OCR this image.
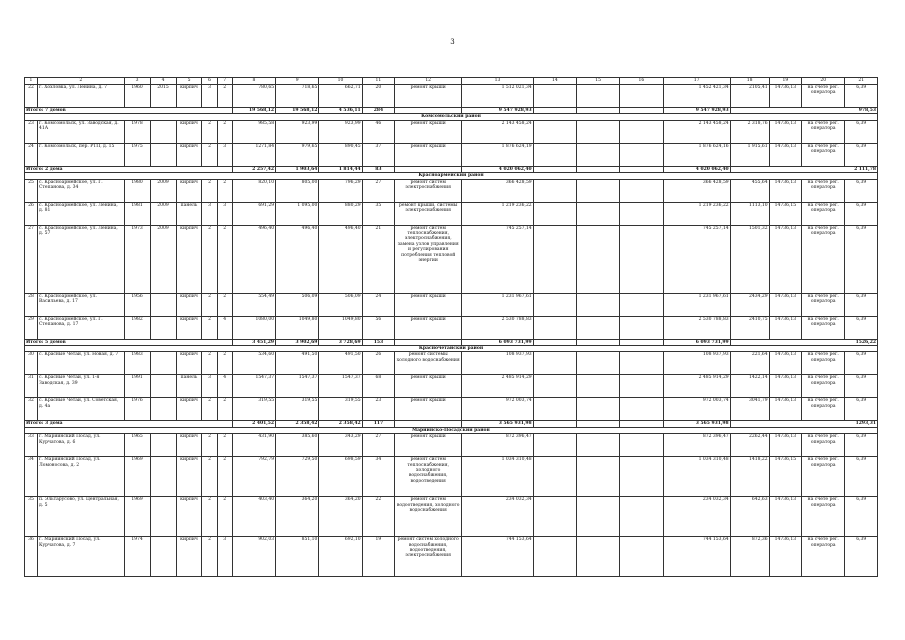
3
1	2	3	4	5	6	7	8	9	10	11	12	13	14	15	16	17	18	19	20	21
22	г. Хохловка, ул. Ленина, д. 7	1960	2015	кирпич	3	2	780,65	718,65	662,71	20	ремонт крыши	1 512 021,34				1 452 421,34	2105,41	14736,13	на счете рег. оператора	6,39
Итого: 7 домов							19 568,12	19 568,12	4 536,11	284		9 547 928,93				9 547 928,93	978,53			
Комсомольский район																				
23	г. Комсомольск, ул. Заводская, д. 41А	1978		кирпич	2	2	985,58	923,99	923,99	46	ремонт крыши	2 143 458,24				2 143 458,24	2 318,76	14736,13	на счете рег. оператора	6,39
24	г. Комсомольск, пер. РТП, д. 15	1975		кирпич	2	3	1271,84	979,65	890,45	37	ремонт крыши	1 876 624,19				1 876 624,16	1 915,61	14736,13	на счете рег. оператора	6,39
Итого: 2 дома							2 257,42	1 903,64	1 814,44	83		4 020 062,40				4 020 062,40	2 111,78			
Красноармейский район																				
25	с. Красноармейское, ул. Г. Степанова, д. 34	1980	2009	кирпич	2	2	820,10	805,00	796,29	27	ремонт систем электроснабжения	366 428,59				366 428,59	455,64	14736,13	на счете рег. оператора	6,39
26	с. Красноармейское, ул. Ленина, д. 81	1981	2009	панель	3	3	691,29	1 095,00	880,29	35	ремонт крыши, системы электроснабжения	1 219 236,22				1 219 236,22	1113,10	14736,15	на счете рег. оператора	6,39
27	с. Красноармейское, ул. Ленина, д. 57	1973	2009	кирпич	2	2	496,40	496,40	496,40	21	ремонт систем теплоснабжения, электроснабжения, замена узлов управления и регулирования потребления тепловой энергии	745 257,14				745 257,14	1501,32	14736,13	на счете рег. оператора	6,39
28	с. Красноармейское, ул. Васильева, д. 17	1956		кирпич	2	2	554,49	506,09	506,09	24	ремонт крыши	1 231 967,61				1 231 967,61	2434,29	14736,13	на счете рег. оператора	6,39
29	с. Красноармейское, ул. Г. Степанова, д. 17	1982		кирпич	2	4	1080,00	1049,80	1049,80	56	ремонт крыши	2 530 788,83				2 530 788,83	2410,75	14736,13	на счете рег. оператора	6,39
Итого: 5 домов							3 451,29	3 902,69	3 728,69	153		6 093 731,99				6 093 731,99	1526,22			
Красночетайский район																				
30	с. Красные Четаи, ул. Новая, д. 7	1983		кирпич	2	2	534,60	491,50	491,50	26	ремонт системы холодного водоснабжения	108 937,93				108 937,93	221,64	14736,13	на счете рег. оператора	6,39
31	с. Красные Четаи, ул. 1-я Заводская, д. 39	1991		панель	3	4	1547,37	1547,37	1547,37	68	ремонт крыши	2 485 914,29				2 485 914,29	1422,14	14736,13	на счете рег. оператора	6,39
32	с. Красные Четаи, ул. Советская, д. 4а	1976		кирпич	2	2	319,55	319,55	319,55	23	ремонт крыши	972 003,74				972 003,74	3041,79	14736,13	на счете рег. оператора	6,39
Итого: 3 дома							2 401,52	2 358,42	2 358,42	117		3 565 931,98				3 565 931,98	1293,31			
Мариинско-Посадский район																				
33	г. Мариинский Посад, ул. Курчатова, д. 6	1965		кирпич	2	2	431,90	385,60	343,29	27	ремонт крыши	872 396,47				872 396,47	2262,44	14736,13	на счете рег. оператора	6,39
34	г. Мариинский Посад, ул. Ломоносова, д. 2	1969		кирпич	2	2	792,79	729,50	698,59	34	ремонт систем теплоснабжения, холодного водоснабжения, водоотведения	1 034 310,48				1 034 310,48	1418,22	14736,15	на счете рег. оператора	6,39
35	п. Эльтарусово, ул. Центральная, д. 5	1969		кирпич	2	2	403,40	364,20	364,20	22	ремонт систем водоотведения, холодного водоснабжения	234 032,34				234 032,34	642,63	14736,13	на счете рег. оператора	6,39
36	г. Мариинский Посад, ул. Курчатова, д. 7	1974		кирпич	2	3	902,03	851,10	692,10	19	ремонт систем холодного водоснабжения, водоотведения, электроснабжения	744 153,64				744 153,64	872,36	14736,13	на счете рег. оператора	6,39
